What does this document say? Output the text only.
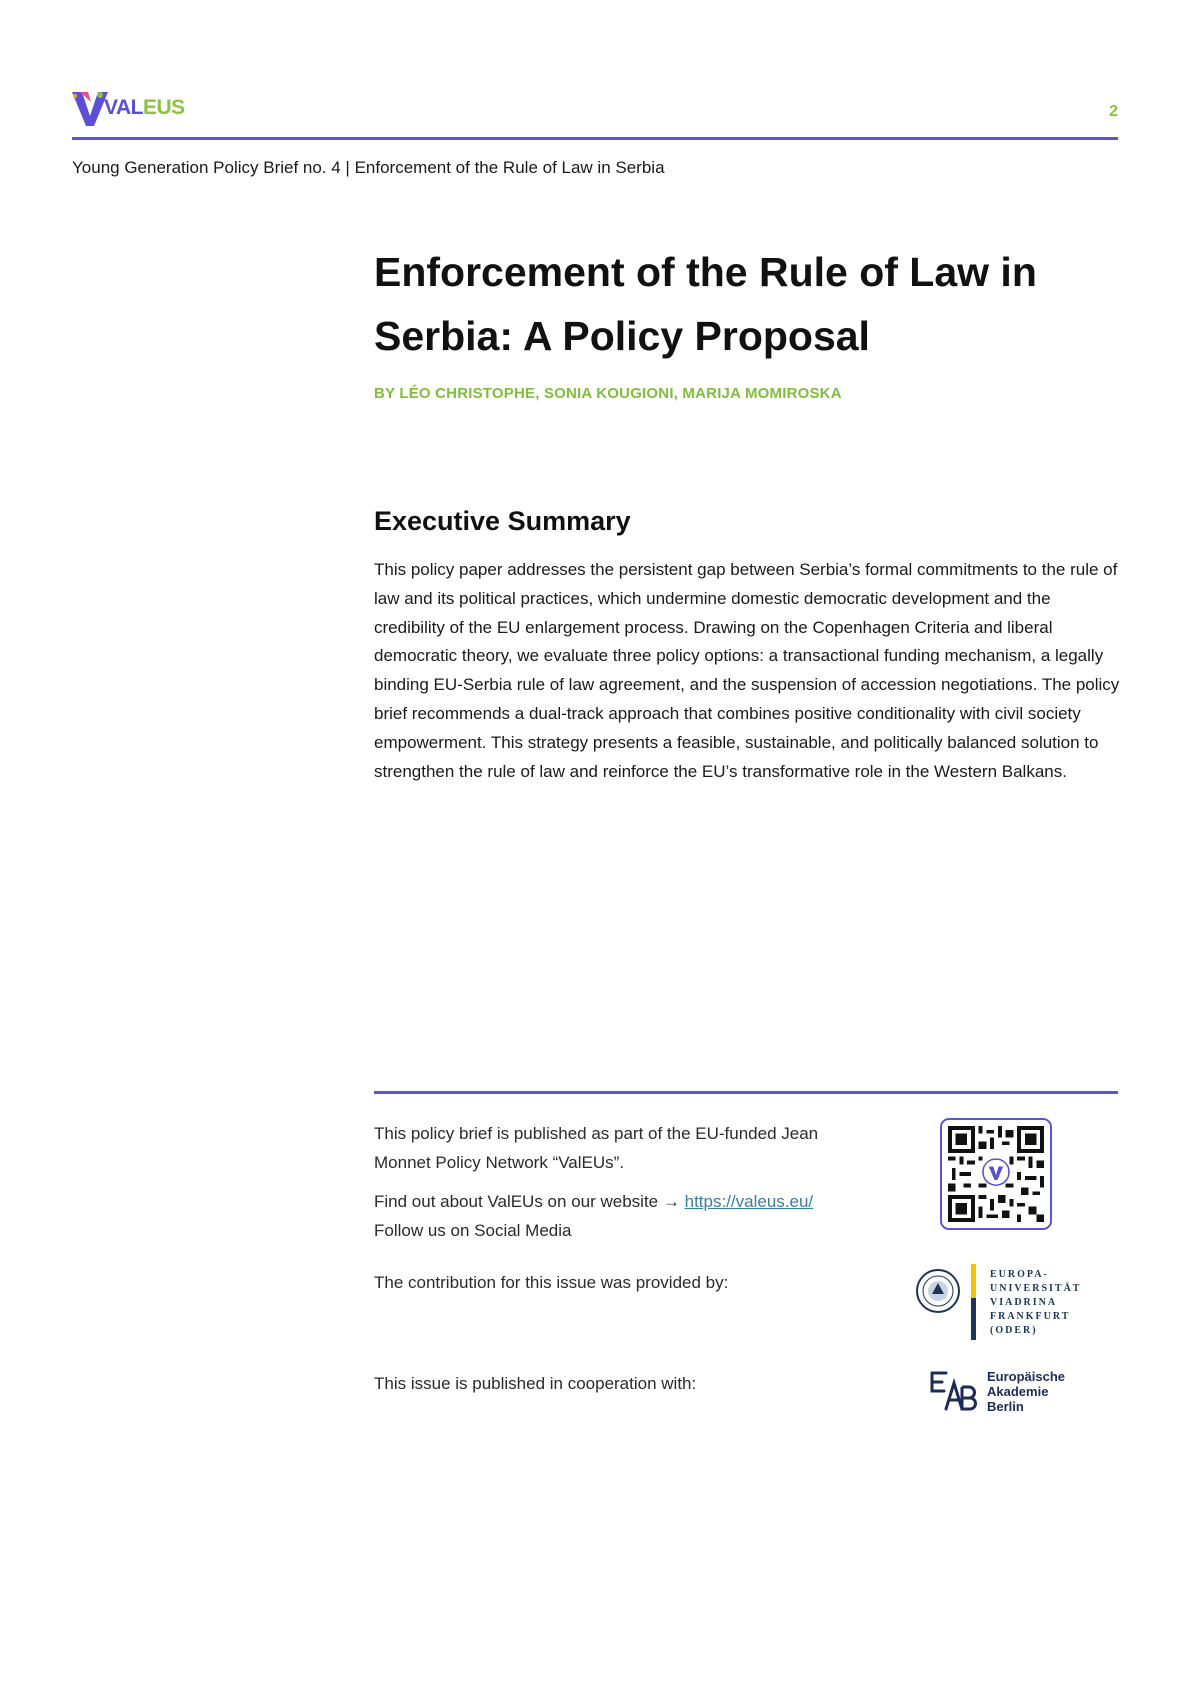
VALEUS	2
Young Generation Policy Brief no. 4 | Enforcement of the Rule of Law in Serbia
Enforcement of the Rule of Law in
Serbia: A Policy Proposal
BY LÉO CHRISTOPHE, SONIA KOUGIONI, MARIJA MOMIROSKA
Executive Summary

This policy paper addresses the persistent gap between Serbia’s formal commitments to the rule of law and its political practices, which undermine domestic democratic development and the credibility of the EU enlargement process. Drawing on the Copenhagen Criteria and liberal democratic theory, we evaluate three policy options: a transactional funding mechanism, a legally binding EU-Serbia rule of law agreement, and the suspension of accession negotiations. The policy brief recommends a dual-track approach that combines positive conditionality with civil society empowerment. This strategy presents a feasible, sustainable, and politically balanced solution to strengthen the rule of law and reinforce the EU’s transformative role in the Western Balkans.

This policy brief is published as part of the EU-funded Jean Monnet Policy Network “ValEUs”.

Find out about ValEUs on our website → https://valeus.eu/
Follow us on Social Media

The contribution for this issue was provided by:

This issue is published in cooperation with:

EUROPA-
UNIVERSITÄT
VIADRINA
FRANKFURT
(ODER)
Europäische
Akademie
Berlin
